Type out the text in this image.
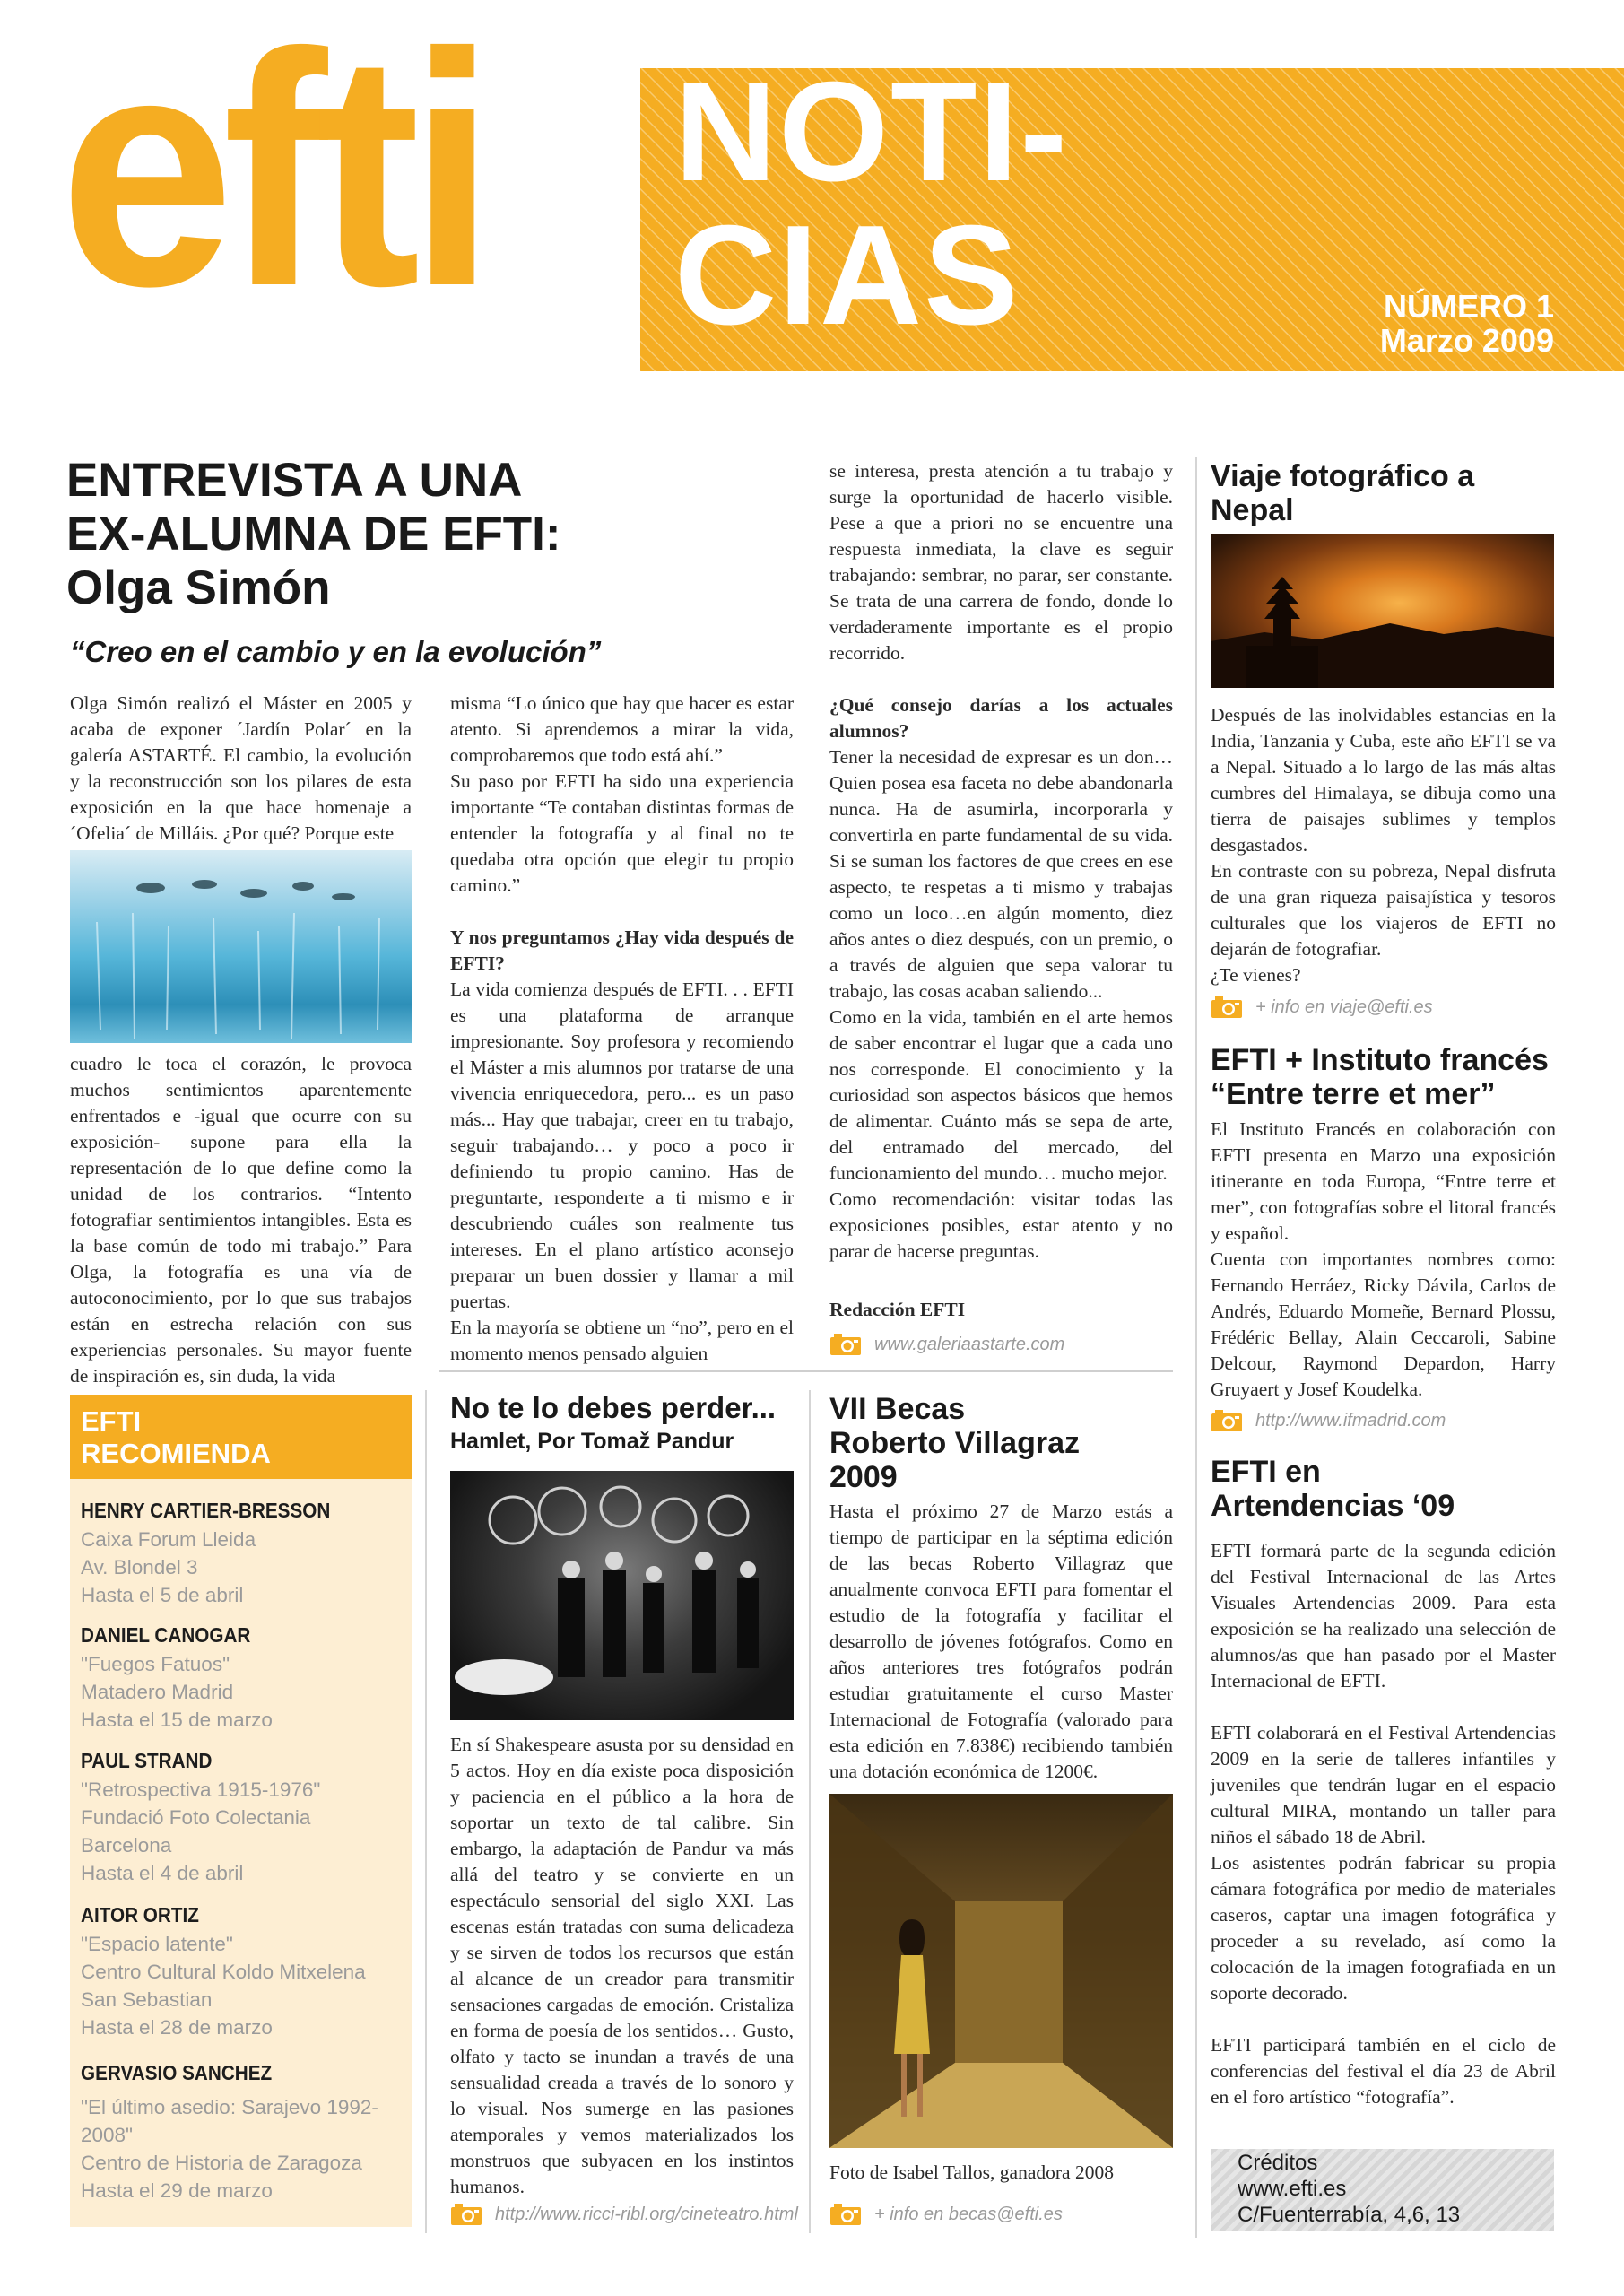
efti NOTI-
CIAS	NÚMERO 1
Marzo 2009
ENTREVISTA A UNA
EX-ALUMNA DE EFTI:
Olga Simón
“Creo en el cambio y en la evolución”
Olga Simón realizó el Máster en 2005 y acaba de exponer ´Jardín Polar´ en la galería ASTARTÉ. El cambio, la evolución y la reconstrucción son los pilares de esta exposición en la que hace homenaje a ´Ofelia´ de Milláis. ¿Por qué? Porque este
cuadro le toca el corazón, le provoca muchos sentimientos aparentemente enfrentados e -igual que ocurre con su exposición- supone para ella la representación de lo que define como la unidad de los contrarios. “Intento fotografiar sentimientos intangibles. Esta es la base común de todo mi trabajo.” Para Olga, la fotografía es una vía de autoconocimiento, por lo que sus trabajos están en estrecha relación con sus experiencias personales. Su mayor fuente de inspiración es, sin duda, la vida

misma “Lo único que hay que hacer es estar atento. Si aprendemos a mirar la vida, comprobaremos que todo está ahí.”

Su paso por EFTI ha sido una experiencia importante “Te contaban distintas formas de entender la fotografía y al final no te quedaba otra opción que elegir tu propio camino.”

Y nos preguntamos ¿Hay vida después de EFTI?

La vida comienza después de EFTI. . . EFTI es una plataforma de arranque impresionante. Soy profesora y recomiendo el Máster a mis alumnos por tratarse de una vivencia enriquecedora, pero... es un paso más... Hay que trabajar, creer en tu trabajo, seguir trabajando… y poco a poco ir definiendo tu propio camino. Has de preguntarte, responderte a ti mismo e ir descubriendo cuáles son realmente tus intereses. En el plano artístico aconsejo preparar un buen dossier y llamar a mil puertas.

En la mayoría se obtiene un “no”, pero en el momento menos pensado alguien

se interesa, presta atención a tu trabajo y surge la oportunidad de hacerlo visible. Pese a que a priori no se encuentre una respuesta inmediata, la clave es seguir trabajando: sembrar, no parar, ser constante. Se trata de una carrera de fondo, donde lo verdaderamente importante es el propio recorrido.

¿Qué consejo darías a los actuales alumnos?

Tener la necesidad de expresar es un don… Quien posea esa faceta no debe abandonarla nunca. Ha de asumirla, incorporarla y convertirla en parte fundamental de su vida. Si se suman los factores de que crees en ese aspecto, te respetas a ti mismo y trabajas como un loco…en algún momento, diez años antes o diez después, con un premio, o a través de alguien que sepa valorar tu trabajo, las cosas acaban saliendo...

Como en la vida, también en el arte hemos de saber encontrar el lugar que a cada uno nos corresponde. El conocimiento y la curiosidad son aspectos básicos que hemos de alimentar. Cuánto más se sepa de arte, del entramado del mercado, del funcionamiento del mundo… mucho mejor.

Como recomendación: visitar todas las exposiciones posibles, estar atento y no parar de hacerse preguntas.

Redacción EFTI
www.galeriaastarte.com
Viaje fotográfico a
Nepal

Después de las inolvidables estancias en la India, Tanzania y Cuba, este año EFTI se va a Nepal. Situado a lo largo de las más altas cumbres del Himalaya, se dibuja como una tierra de paisajes sublimes y templos desgastados.

En contraste con su pobreza, Nepal disfruta de una gran riqueza paisajística y tesoros culturales que los viajeros de EFTI no dejarán de fotografiar.

¿Te vienes?

+ info en viaje@efti.es
EFTI + Instituto francés
“Entre terre et mer”

El Instituto Francés en colaboración con EFTI presenta en Marzo una exposición itinerante en toda Europa, “Entre terre et mer”, con fotografías sobre el litoral francés y español.

Cuenta con importantes nombres como: Fernando Herráez, Ricky Dávila, Carlos de Andrés, Eduardo Momeñe, Bernard Plossu, Frédéric Bellay, Alain Ceccaroli, Sabine Delcour, Raymond Depardon, Harry Gruyaert y Josef Koudelka.

http://www.ifmadrid.com
EFTI en
Artendencias ‘09

EFTI formará parte de la segunda edición del Festival Internacional de las Artes Visuales Artendencias 2009. Para esta exposición se ha realizado una selección de alumnos/as que han pasado por el Master Internacional de EFTI.

EFTI colaborará en el Festival Artendencias 2009 en la serie de talleres infantiles y juveniles que tendrán lugar en el espacio cultural MIRA, montando un taller para niños el sábado 18 de Abril.

Los asistentes podrán fabricar su propia cámara fotográfica por medio de materiales caseros, captar una imagen fotográfica y proceder a su revelado, así como la colocación de la imagen fotografiada en un soporte decorado.

EFTI participará también en el ciclo de conferencias del festival el día 23 de Abril en el foro artístico “fotografía”.

Créditos
www.efti.es
C/Fuenterrabía, 4,6, 13
EFTI
RECOMIENDA
HENRY CARTIER-BRESSON
Caixa Forum Lleida
Av. Blondel 3
Hasta el 5 de abril
DANIEL CANOGAR
"Fuegos Fatuos"
Matadero Madrid
Hasta el 15 de marzo
PAUL STRAND
"Retrospectiva 1915-1976"
Fundació Foto Colectania
Barcelona
Hasta el 4 de abril
AITOR ORTIZ
"Espacio latente"
Centro Cultural Koldo Mitxelena
San Sebastian
Hasta el 28 de marzo
GERVASIO SANCHEZ
"El último asedio: Sarajevo 1992-
2008"
Centro de Historia de Zaragoza
Hasta el 29 de marzo
No te lo debes perder...
Hamlet, Por Tomaž Pandur
En sí Shakespeare asusta por su densidad en 5 actos. Hoy en día existe poca disposición y paciencia en el público a la hora de soportar un texto de tal calibre. Sin embargo, la adaptación de Pandur va más allá del teatro y se convierte en un espectáculo sensorial del siglo XXI. Las escenas están tratadas con suma delicadeza y se sirven de todos los recursos que están al alcance de un creador para transmitir sensaciones cargadas de emoción. Cristaliza en forma de poesía de los sentidos… Gusto, olfato y tacto se inundan a través de una sensualidad creada a través de lo sonoro y lo visual. Nos sumerge en las pasiones atemporales y vemos materializados los monstruos que subyacen en los instintos humanos.
http://www.ricci-ribl.org/cineteatro.html
VII Becas
Roberto Villagraz
2009
Hasta el próximo 27 de Marzo estás a tiempo de participar en la séptima edición de las becas Roberto Villagraz que anualmente convoca EFTI para fomentar el estudio de la fotografía y facilitar el desarrollo de jóvenes fotógrafos. Como en años anteriores tres fotógrafos podrán estudiar gratuitamente el curso Master Internacional de Fotografía (valorado para esta edición en 7.838€) recibiendo también una dotación económica de 1200€.
Foto de Isabel Tallos, ganadora 2008
+ info en becas@efti.es
